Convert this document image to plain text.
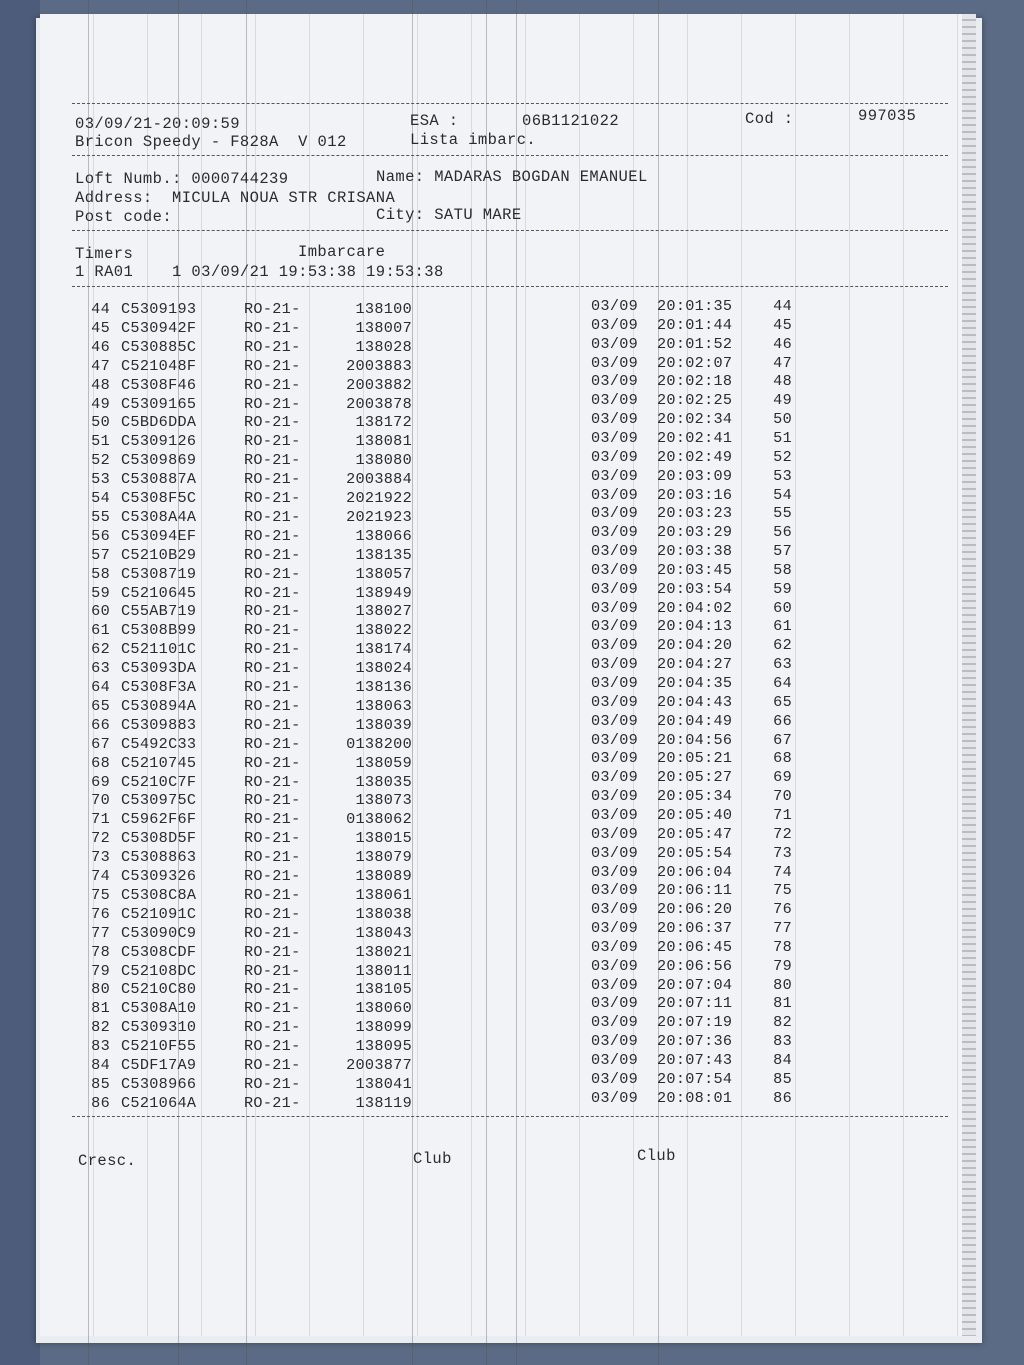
03/09/21-20:09:59	ESA :	06B1121022	Cod :	997035
Bricon Speedy - F828A  V 012	Lista imbarc.
Loft Numb.: 0000744239	Name: MADARAS BOGDAN EMANUEL
Address:  MICULA NOUA STR CRISANA
Post code:	City: SATU MARE
Timers	Imbarcare
1 RA01    1 03/09/21 19:53:38 19:53:38
44 C5309193	RO-21-	138100	03/09	20:01:35	44
45 C530942F	RO-21-	138007	03/09	20:01:44	45
46 C530885C	RO-21-	138028	03/09	20:01:52	46
47 C521048F	RO-21-	2003883	03/09	20:02:07	47
48 C5308F46	RO-21-	2003882	03/09	20:02:18	48
49 C5309165	RO-21-	2003878	03/09	20:02:25	49
50 C5BD6DDA	RO-21-	138172	03/09	20:02:34	50
51 C5309126	RO-21-	138081	03/09	20:02:41	51
52 C5309869	RO-21-	138080	03/09	20:02:49	52
53 C530887A	RO-21-	2003884	03/09	20:03:09	53
54 C5308F5C	RO-21-	2021922	03/09	20:03:16	54
55 C5308A4A	RO-21-	2021923	03/09	20:03:23	55
56 C53094EF	RO-21-	138066	03/09	20:03:29	56
57 C5210B29	RO-21-	138135	03/09	20:03:38	57
58 C5308719	RO-21-	138057	03/09	20:03:45	58
59 C5210645	RO-21-	138949	03/09	20:03:54	59
60 C55AB719	RO-21-	138027	03/09	20:04:02	60
61 C5308B99	RO-21-	138022	03/09	20:04:13	61
62 C521101C	RO-21-	138174	03/09	20:04:20	62
63 C53093DA	RO-21-	138024	03/09	20:04:27	63
64 C5308F3A	RO-21-	138136	03/09	20:04:35	64
65 C530894A	RO-21-	138063	03/09	20:04:43	65
66 C5309883	RO-21-	138039	03/09	20:04:49	66
67 C5492C33	RO-21-	0138200	03/09	20:04:56	67
68 C5210745	RO-21-	138059	03/09	20:05:21	68
69 C5210C7F	RO-21-	138035	03/09	20:05:27	69
70 C530975C	RO-21-	138073	03/09	20:05:34	70
71 C5962F6F	RO-21-	0138062	03/09	20:05:40	71
72 C5308D5F	RO-21-	138015	03/09	20:05:47	72
73 C5308863	RO-21-	138079	03/09	20:05:54	73
74 C5309326	RO-21-	138089	03/09	20:06:04	74
75 C5308C8A	RO-21-	138061	03/09	20:06:11	75
76 C521091C	RO-21-	138038	03/09	20:06:20	76
77 C53090C9	RO-21-	138043	03/09	20:06:37	77
78 C5308CDF	RO-21-	138021	03/09	20:06:45	78
79 C52108DC	RO-21-	138011	03/09	20:06:56	79
80 C5210C80	RO-21-	138105	03/09	20:07:04	80
81 C5308A10	RO-21-	138060	03/09	20:07:11	81
82 C5309310	RO-21-	138099	03/09	20:07:19	82
83 C5210F55	RO-21-	138095	03/09	20:07:36	83
84 C5DF17A9	RO-21-	2003877	03/09	20:07:43	84
85 C5308966	RO-21-	138041	03/09	20:07:54	85
86 C521064A	RO-21-	138119	03/09	20:08:01	86
Cresc.	Club	Club
